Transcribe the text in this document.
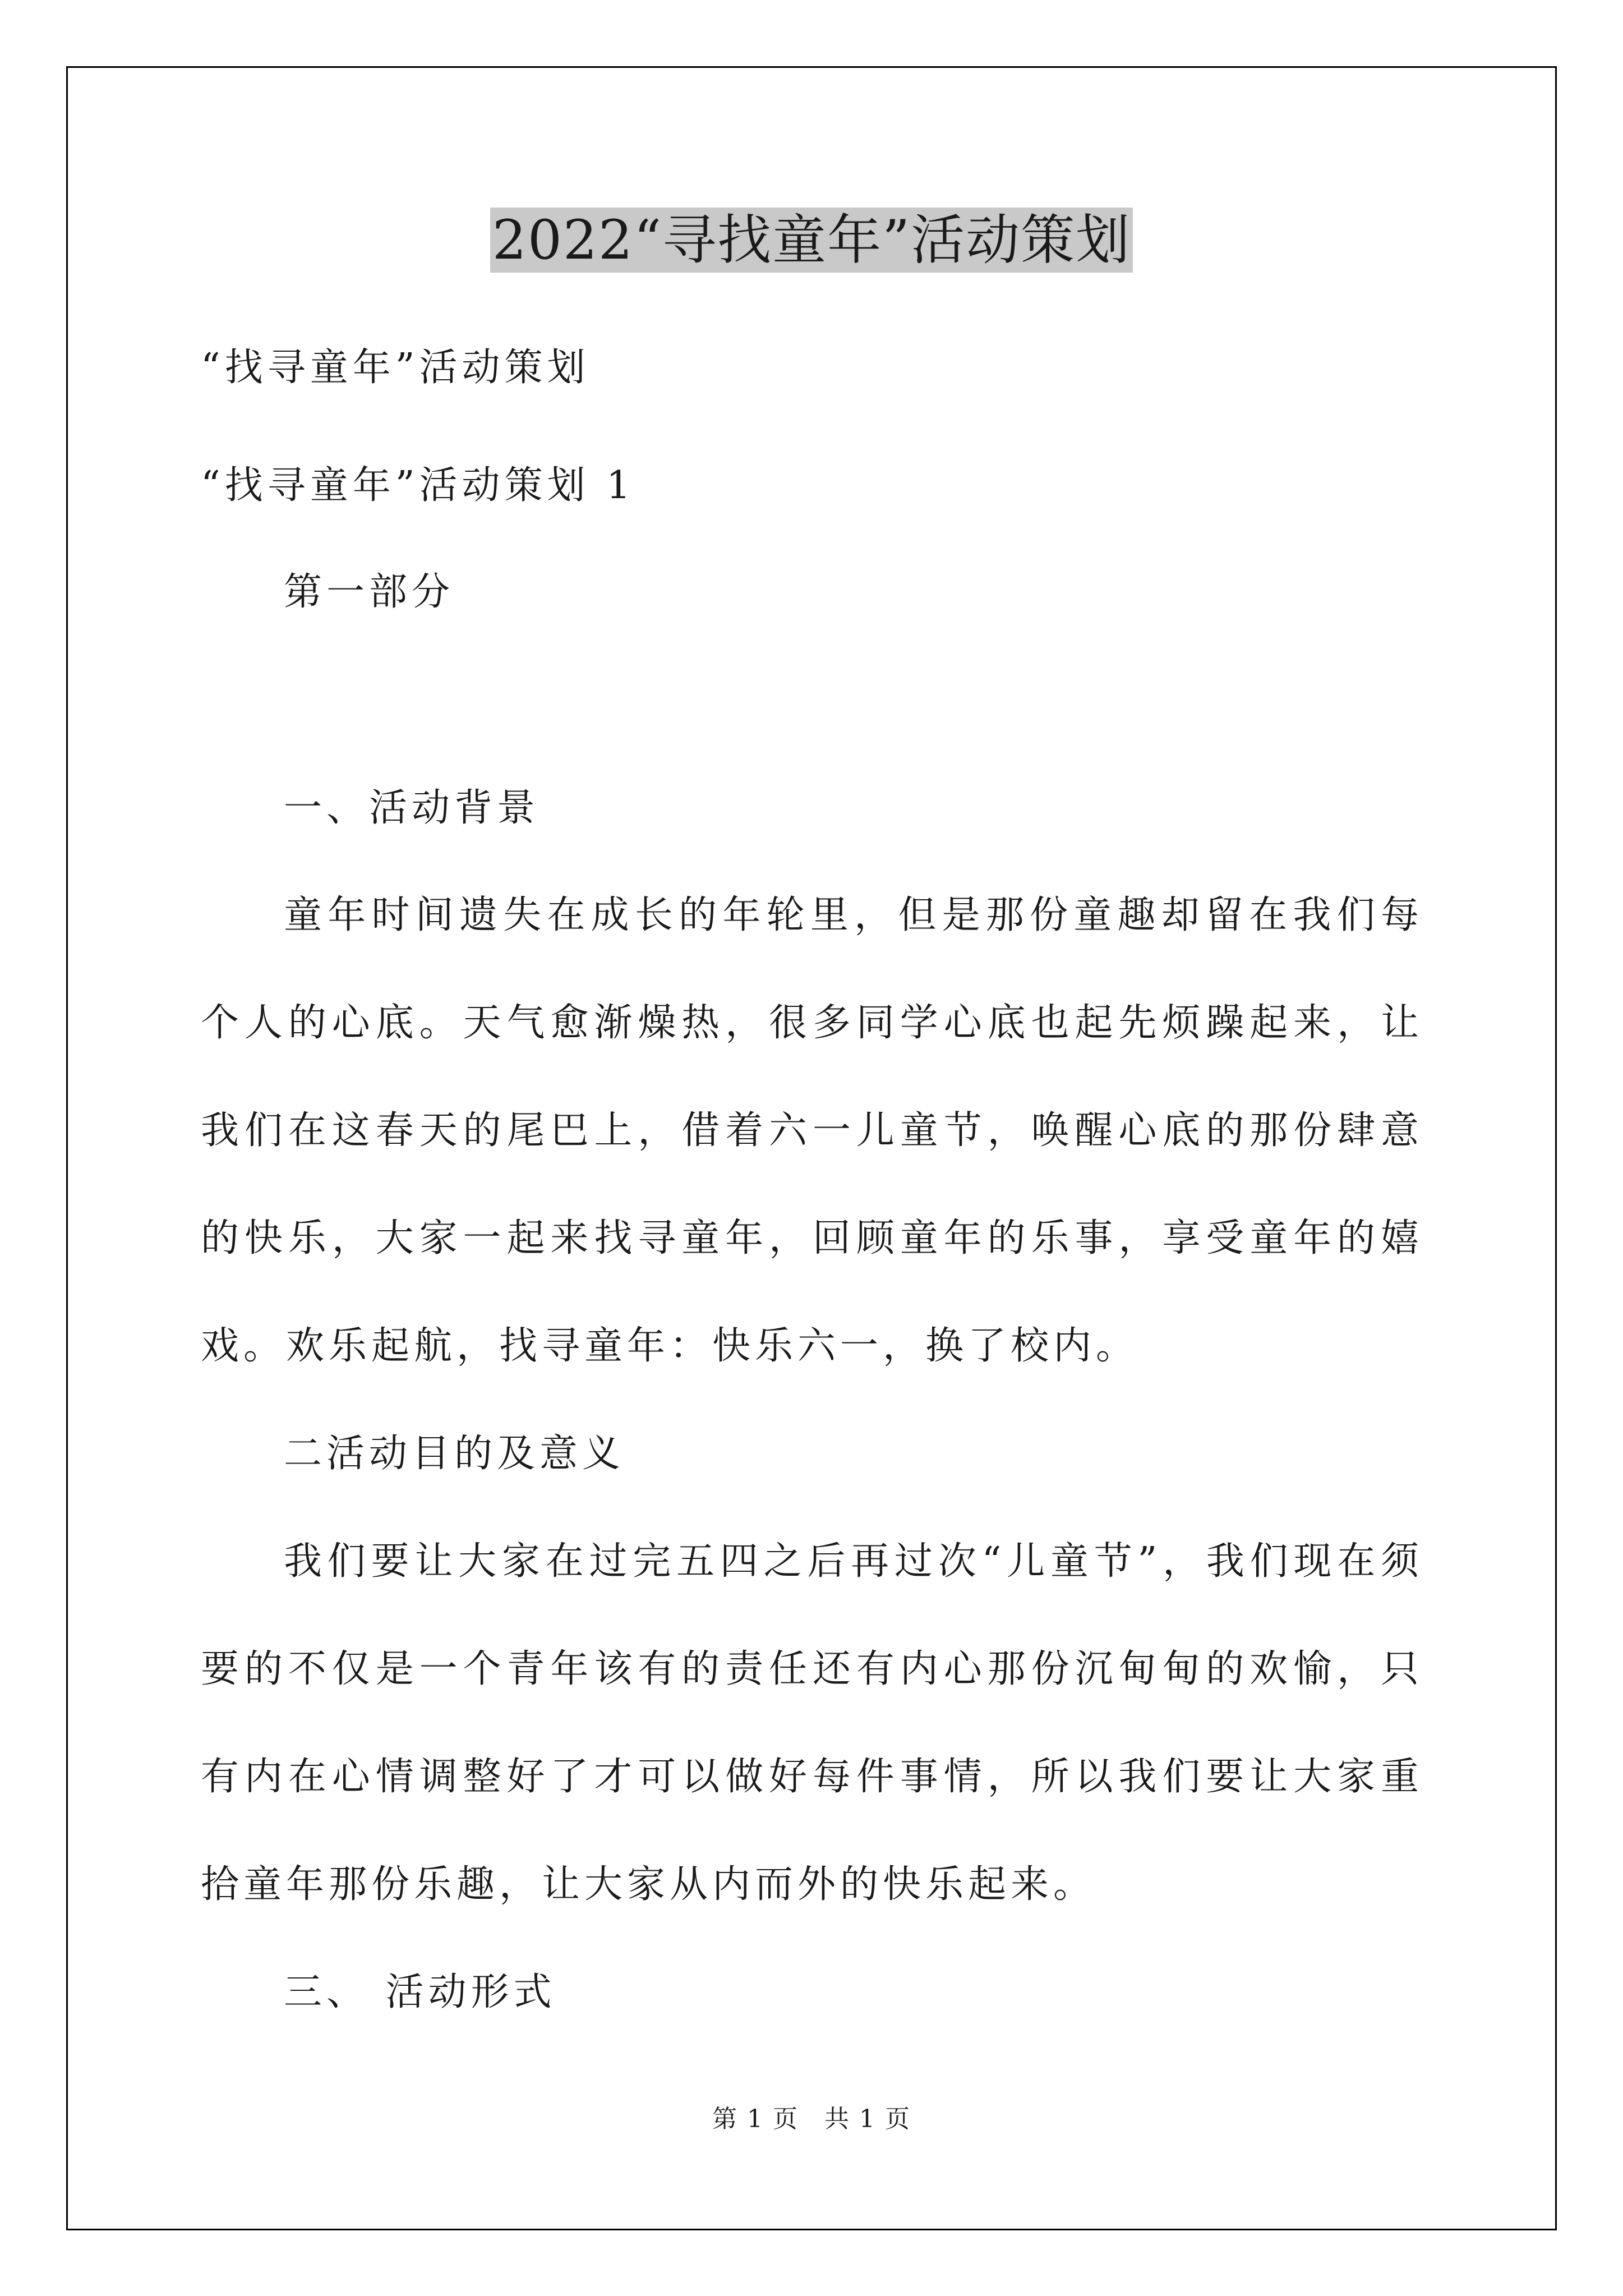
2022“寻找童年”活动策划

“找寻童年”活动策划

“找寻童年”活动策划 1

第一部分

一、活动背景

童年时间遗失在成长的年轮里，但是那份童趣却留在我们每个人的心底。天气愈渐燥热，很多同学心底也起先烦躁起来，让我们在这春天的尾巴上，借着六一儿童节，唤醒心底的那份肆意的快乐，大家一起来找寻童年，回顾童年的乐事，享受童年的嬉戏。欢乐起航，找寻童年：快乐六一，换了校内。

二活动目的及意义

我们要让大家在过完五四之后再过次“儿童节”，我们现在须要的不仅是一个青年该有的责任还有内心那份沉甸甸的欢愉，只有内在心情调整好了才可以做好每件事情，所以我们要让大家重拾童年那份乐趣，让大家从内而外的快乐起来。

三、 活动形式

第 1 页　共 1 页
